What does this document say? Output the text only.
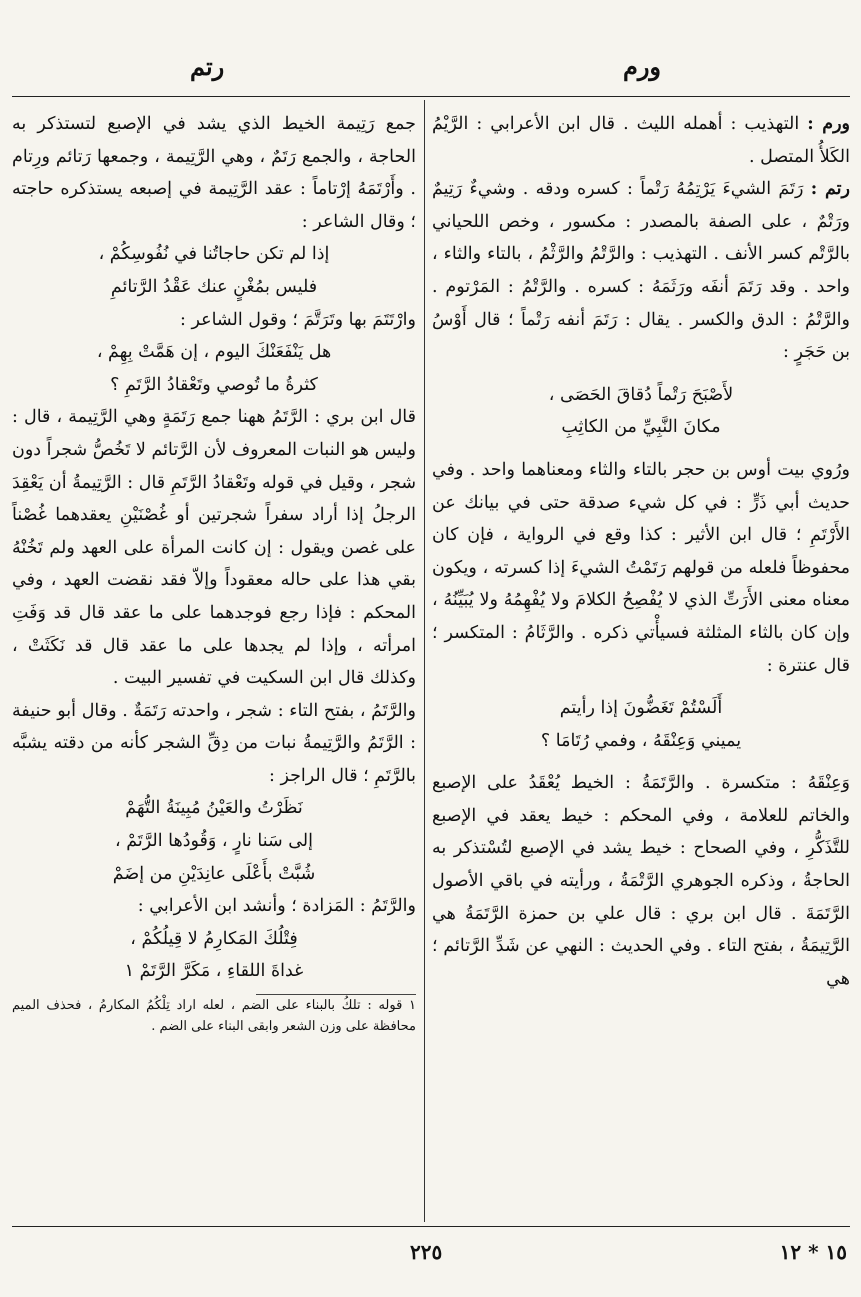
ورم
رتم

ورم : التهذيب : أهمله الليث . قال ابن الأعرابي : الرَّيْمُ الكَلأُ المتصل .

رتم : رَتَمَ الشيءَ يَرْتِمُهُ رَتْماً : كسره ودقه . وشيءٌ رَتِيمٌ ورَتْمٌ ، على الصفة بالمصدر : مكسور ، وخص اللحياني بالرَّتْم كسر الأنف . التهذيب : والرَّتْمُ والرَّثْمُ ، بالتاء والثاء ، واحد . وقد رَتَمَ أنفَه ورَثَمَهُ : كسره . والرَّتْمُ : المَرْتوم . والرَّتْمُ : الدق والكسر . يقال : رَتَمَ أنفه رَتْماً ؛ قال أَوْسُ بن حَجَرٍ :

لأَصْبَحَ رَتْماً دُقاقَ الحَصَى ،

مكانَ النَّبِيِّ من الكاثِبِ

ورُوي بيت أوس بن حجر بالتاء والثاء ومعناهما واحد . وفي حديث أبي ذَرٍّ : في كل شيء صدقة حتى في بيانك عن الأَرْتَمِ ؛ قال ابن الأثير : كذا وقع في الرواية ، فإن كان محفوظاً فلعله من قولهم رَتَمْتُ الشيءَ إذا كسرته ، ويكون معناه معنى الأَرَتِّ الذي لا يُفْصِحُ الكلامَ ولا يُفْهِمُهُ ولا يُبَيِّنُهُ ، وإن كان بالثاء المثلثة فسيأْتي ذكره . والرَّثَامُ : المتكسر ؛ قال عنترة :

أَلَسْتُمْ تَغَضُّونَ إذا رأيتم

يميني وَعِنْقَهُ ، وفمي رُتَامَا ؟

وَعِنْقَهُ : متكسرة . والرَّتَمَةُ : الخيط يُعْقَدُ على الإصبع والخاتم للعلامة ، وفي المحكم : خيط يعقد في الإصبع للتَّذَكُّرِ ، وفي الصحاح : خيط يشد في الإصبع لتُسْتذكر به الحاجةُ ، وذكره الجوهري الرَّتْمَةُ ، ورأيته في باقي الأصول الرَّتَمَةَ . قال ابن بري : قال علي بن حمزة الرَّتَمَةُ هي الرَّتِيمَةُ ، بفتح التاء . وفي الحديث : النهي عن شَدِّ الرَّتائم ؛ هي

جمع رَتِيمة الخيط الذي يشد في الإصبع لتستذكر به الحاجة ، والجمع رَتَمٌ ، وهي الرَّتِيمة ، وجمعها رَتائم ورِتام . وأَرْتَمَهُ إرْتاماً : عقد الرَّتِيمة في إصبعه يستذكره حاجته ؛ وقال الشاعر :

إذا لم تكن حاجاتُنا في نُفُوسِكُمْ ،

فليس بمُغْنٍ عنك عَقْدُ الرَّتائمِ

وارْتَتَمَ بها وتَرَتَّمَ ؛ وقول الشاعر :

هل يَنْفَعَنْكَ اليوم ، إن هَمَّتْ بِهِمْ ،

كثرةُ ما تُوصي وتَعْقادُ الرَّتَمِ ؟

قال ابن بري : الرَّتَمُ ههنا جمع رَتَمَةٍ وهي الرَّتِيمة ، قال : وليس هو النبات المعروف لأن الرَّتائم لا تَخُصُّ شجراً دون شجر ، وقيل في قوله وتَعْقادُ الرَّتَمِ قال : الرَّتِيمةُ أن يَعْقِدَ الرجلُ إذا أراد سفراً شجرتين أو غُصْنَيْنِ يعقدهما غُصْناً على غصن ويقول : إن كانت المرأة على العهد ولم تَخُنْهُ بقي هذا على حاله معقوداً وإلاّ فقد نقضت العهد ، وفي المحكم : فإذا رجع فوجدهما على ما عقد قال قد وَفَتِ امرأته ، وإذا لم يجدها على ما عقد قال قد نَكَثَتْ ، وكذلك قال ابن السكيت في تفسير البيت .

والرَّتَمُ ، بفتح التاء : شجر ، واحدته رَتَمَةٌ . وقال أبو حنيفة : الرَّتَمُ والرَّتِيمةُ نبات من دِقِّ الشجر كأنه من دقته يشبَّه بالرَّتَمِ ؛ قال الراجز :

نَظَرْتُ والعَيْنُ مُبِينَةُ التُّهَمْ

إلى سَنا نارٍ ، وَقُودُها الرَّتَمْ ،

شُبَّتْ بأَعْلَى عانِدَيْنِ من إضَمْ

والرَّتَمُ : المَزادة ؛ وأنشد ابن الأعرابي :

فِتْلُكَ المَكارِمُ لا قِيلُكُمْ ،

غداةَ اللقاءِ ، مَكَرَّ الرَّتَمْ ١

١ قوله : تلكُ بالبناء على الضم ، لعله اراد تِلْكُمُ المكارمُ ، فحذف الميم محافظة على وزن الشعر وابقى البناء على الضم .

٢٢٥	١٥ * ١٢
